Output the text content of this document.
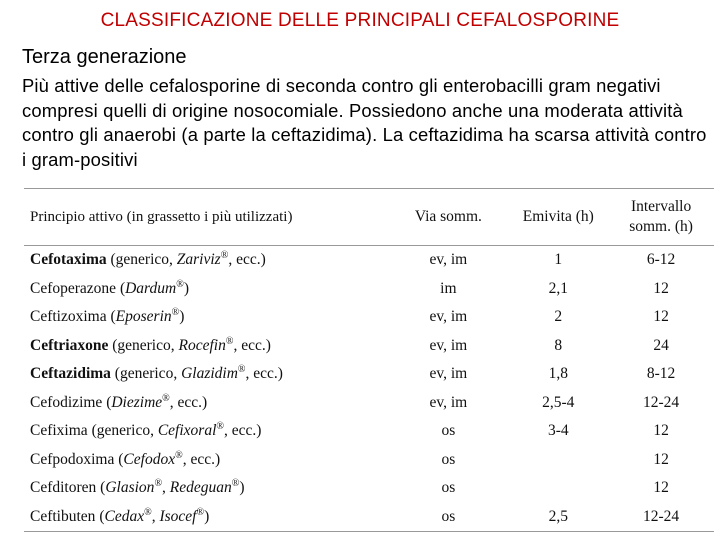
CLASSIFICAZIONE DELLE PRINCIPALI CEFALOSPORINE
Terza generazione
Più attive delle cefalosporine di seconda contro gli enterobacilli gram negativi compresi quelli di origine nosocomiale. Possiedono anche una moderata attività contro gli anaerobi (a parte la ceftazidima). La ceftazidima ha scarsa attività contro i gram-positivi
Principio attivo (in grassetto i più utilizzati)	Via somm.	Emivita (h)	Intervallo
somm. (h)
Cefotaxima (generico, Zariviz®, ecc.)	ev, im	1	6-12
Cefoperazone (Dardum®)	im	2,1	12
Ceftizoxima (Eposerin®)	ev, im	2	12
Ceftriaxone (generico, Rocefin®, ecc.)	ev, im	8	24
Ceftazidima (generico, Glazidim®, ecc.)	ev, im	1,8	8-12
Cefodizime (Diezime®, ecc.)	ev, im	2,5-4	12-24
Cefixima (generico, Cefixoral®, ecc.)	os	3-4	12
Cefpodoxima (Cefodox®, ecc.)	os		12
Cefditoren (Glasion®, Redeguan®)	os		12
Ceftibuten (Cedax®, Isocef®)	os	2,5	12-24
